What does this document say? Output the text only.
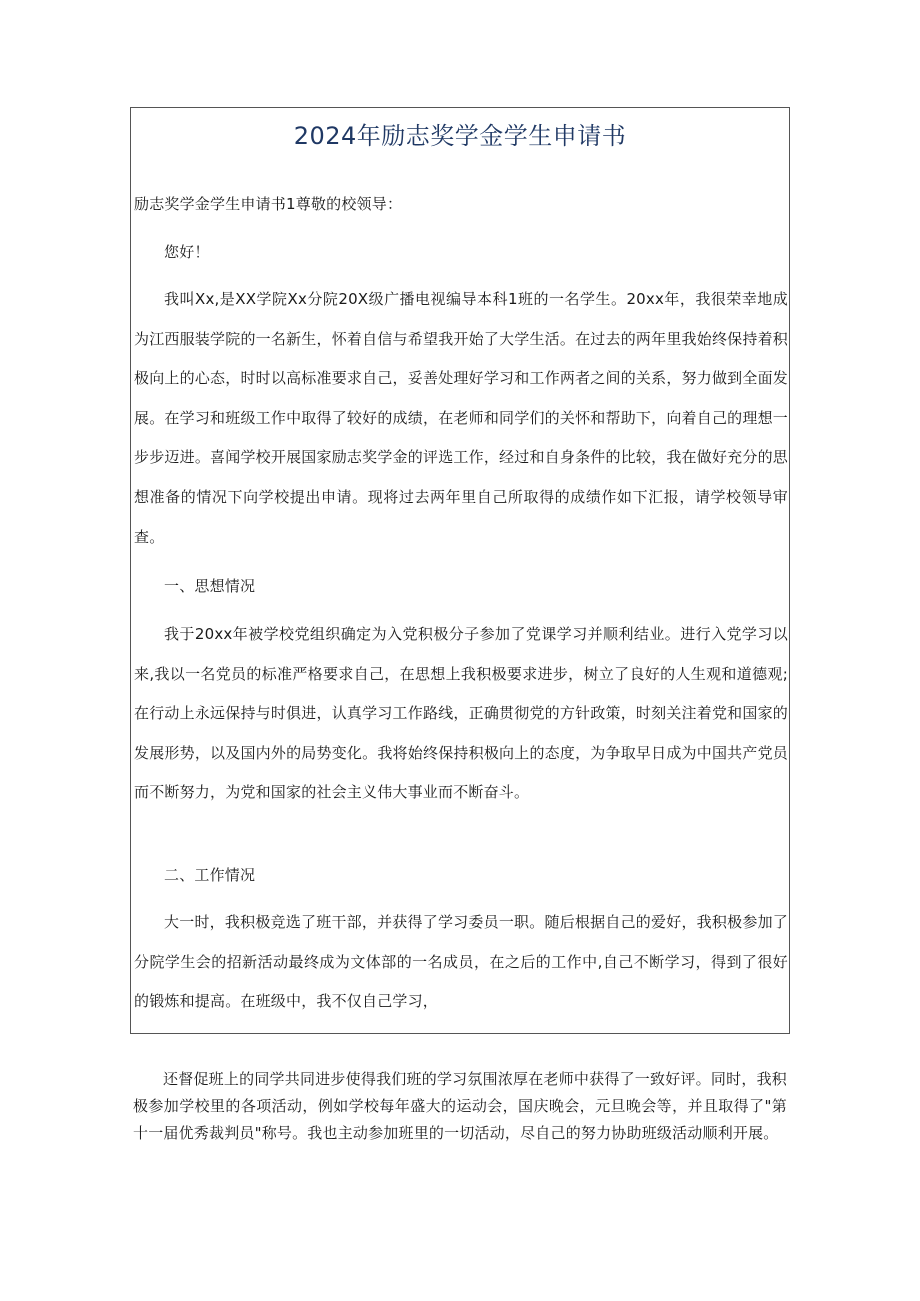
2024年励志奖学金学生申请书

励志奖学金学生申请书1尊敬的校领导：

您好！

我叫Xx,是XX学院Xx分院20X级广播电视编导本科1班的一名学生。20xx年，我很荣幸地成为江西服装学院的一名新生，怀着自信与希望我开始了大学生活。在过去的两年里我始终保持着积极向上的心态，时时以高标准要求自己，妥善处理好学习和工作两者之间的关系，努力做到全面发展。在学习和班级工作中取得了较好的成绩，在老师和同学们的关怀和帮助下，向着自己的理想一步步迈进。喜闻学校开展国家励志奖学金的评选工作，经过和自身条件的比较，我在做好充分的思想准备的情况下向学校提出申请。现将过去两年里自己所取得的成绩作如下汇报，请学校领导审查。

一、思想情况

我于20xx年被学校党组织确定为入党积极分子参加了党课学习并顺利结业。进行入党学习以来,我以一名党员的标准严格要求自己，在思想上我积极要求进步，树立了良好的人生观和道德观;在行动上永远保持与时俱进，认真学习工作路线，正确贯彻党的方针政策，时刻关注着党和国家的发展形势，以及国内外的局势变化。我将始终保持积极向上的态度，为争取早日成为中国共产党员而不断努力，为党和国家的社会主义伟大事业而不断奋斗。

二、工作情况

大一时，我积极竞选了班干部，并获得了学习委员一职。随后根据自己的爱好，我积极参加了分院学生会的招新活动最终成为文体部的一名成员，在之后的工作中,自己不断学习，得到了很好的锻炼和提高。在班级中，我不仅自己学习，

还督促班上的同学共同进步使得我们班的学习氛围浓厚在老师中获得了一致好评。同时，我积极参加学校里的各项活动，例如学校每年盛大的运动会，国庆晚会，元旦晚会等，并且取得了"第十一届优秀裁判员"称号。我也主动参加班里的一切活动，尽自己的努力协助班级活动顺利开展。
